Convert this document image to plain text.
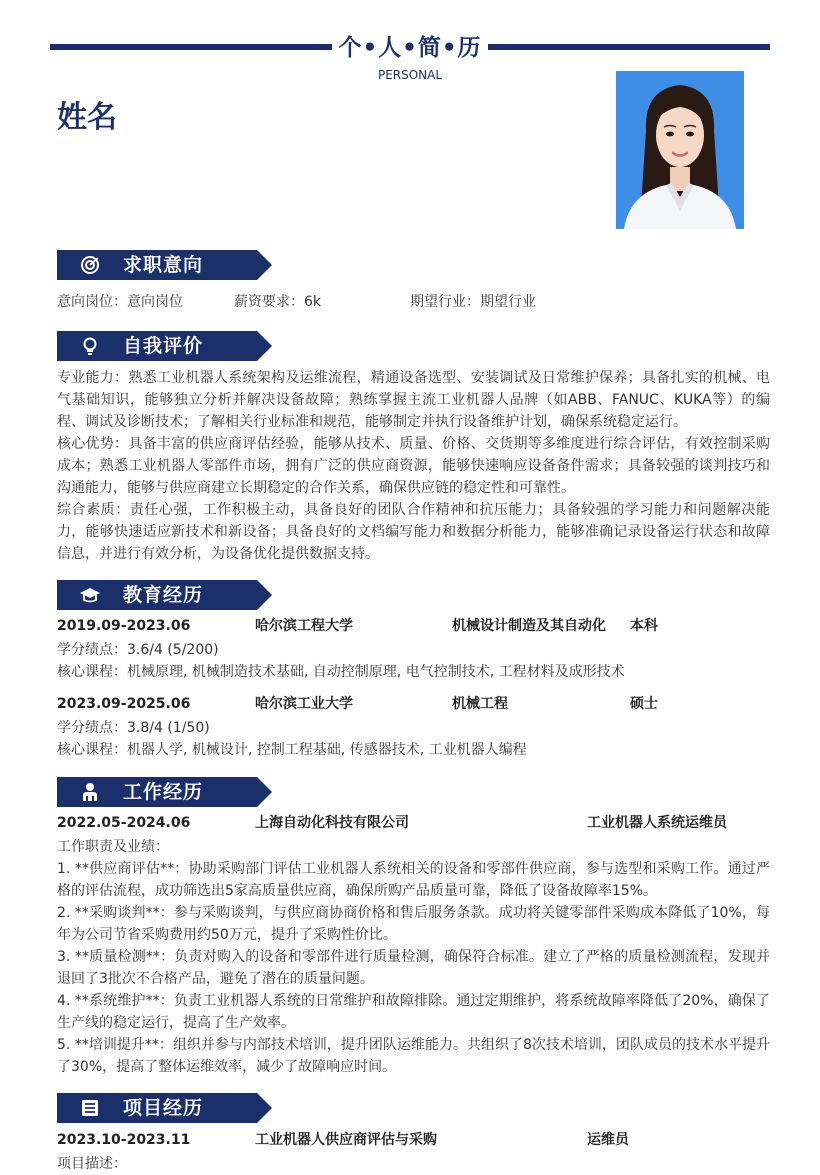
个•人•简•历
PERSONAL
姓名
求职意向
意向岗位：意向岗位	薪资要求：6k	期望行业：期望行业
自我评价
专业能力：熟悉工业机器人系统架构及运维流程，精通设备选型、安装调试及日常维护保养；具备扎实的机械、电气基础知识，能够独立分析并解决设备故障；熟练掌握主流工业机器人品牌（如ABB、FANUC、KUKA等）的编程、调试及诊断技术；了解相关行业标准和规范，能够制定并执行设备维护计划，确保系统稳定运行。
核心优势：具备丰富的供应商评估经验，能够从技术、质量、价格、交货期等多维度进行综合评估，有效控制采购成本；熟悉工业机器人零部件市场，拥有广泛的供应商资源，能够快速响应设备备件需求；具备较强的谈判技巧和沟通能力，能够与供应商建立长期稳定的合作关系，确保供应链的稳定性和可靠性。
综合素质：责任心强，工作积极主动，具备良好的团队合作精神和抗压能力；具备较强的学习能力和问题解决能力，能够快速适应新技术和新设备；具备良好的文档编写能力和数据分析能力，能够准确记录设备运行状态和故障信息，并进行有效分析，为设备优化提供数据支持。
教育经历
2019.09-2023.06	哈尔滨工程大学	机械设计制造及其自动化 本科
学分绩点：3.6/4 (5/200)
核心课程：机械原理, 机械制造技术基础, 自动控制原理, 电气控制技术, 工程材料及成形技术
2023.09-2025.06	哈尔滨工业大学	机械工程	硕士
学分绩点：3.8/4 (1/50)
核心课程：机器人学, 机械设计, 控制工程基础, 传感器技术, 工业机器人编程
工作经历
2022.05-2024.06	上海自动化科技有限公司	工业机器人系统运维员
工作职责及业绩：
1. **供应商评估**：协助采购部门评估工业机器人系统相关的设备和零部件供应商，参与选型和采购工作。通过严格的评估流程，成功筛选出5家高质量供应商，确保所购产品质量可靠，降低了设备故障率15%。
2. **采购谈判**：参与采购谈判，与供应商协商价格和售后服务条款。成功将关键零部件采购成本降低了10%，每年为公司节省采购费用约50万元，提升了采购性价比。
3. **质量检测**：负责对购入的设备和零部件进行质量检测，确保符合标准。建立了严格的质量检测流程，发现并退回了3批次不合格产品，避免了潜在的质量问题。
4. **系统维护**：负责工业机器人系统的日常维护和故障排除。通过定期维护，将系统故障率降低了20%，确保了生产线的稳定运行，提高了生产效率。
5. **培训提升**：组织并参与内部技术培训，提升团队运维能力。共组织了8次技术培训，团队成员的技术水平提升了30%，提高了整体运维效率，减少了故障响应时间。
项目经历
2023.10-2023.11	工业机器人供应商评估与采购	运维员
项目描述：
